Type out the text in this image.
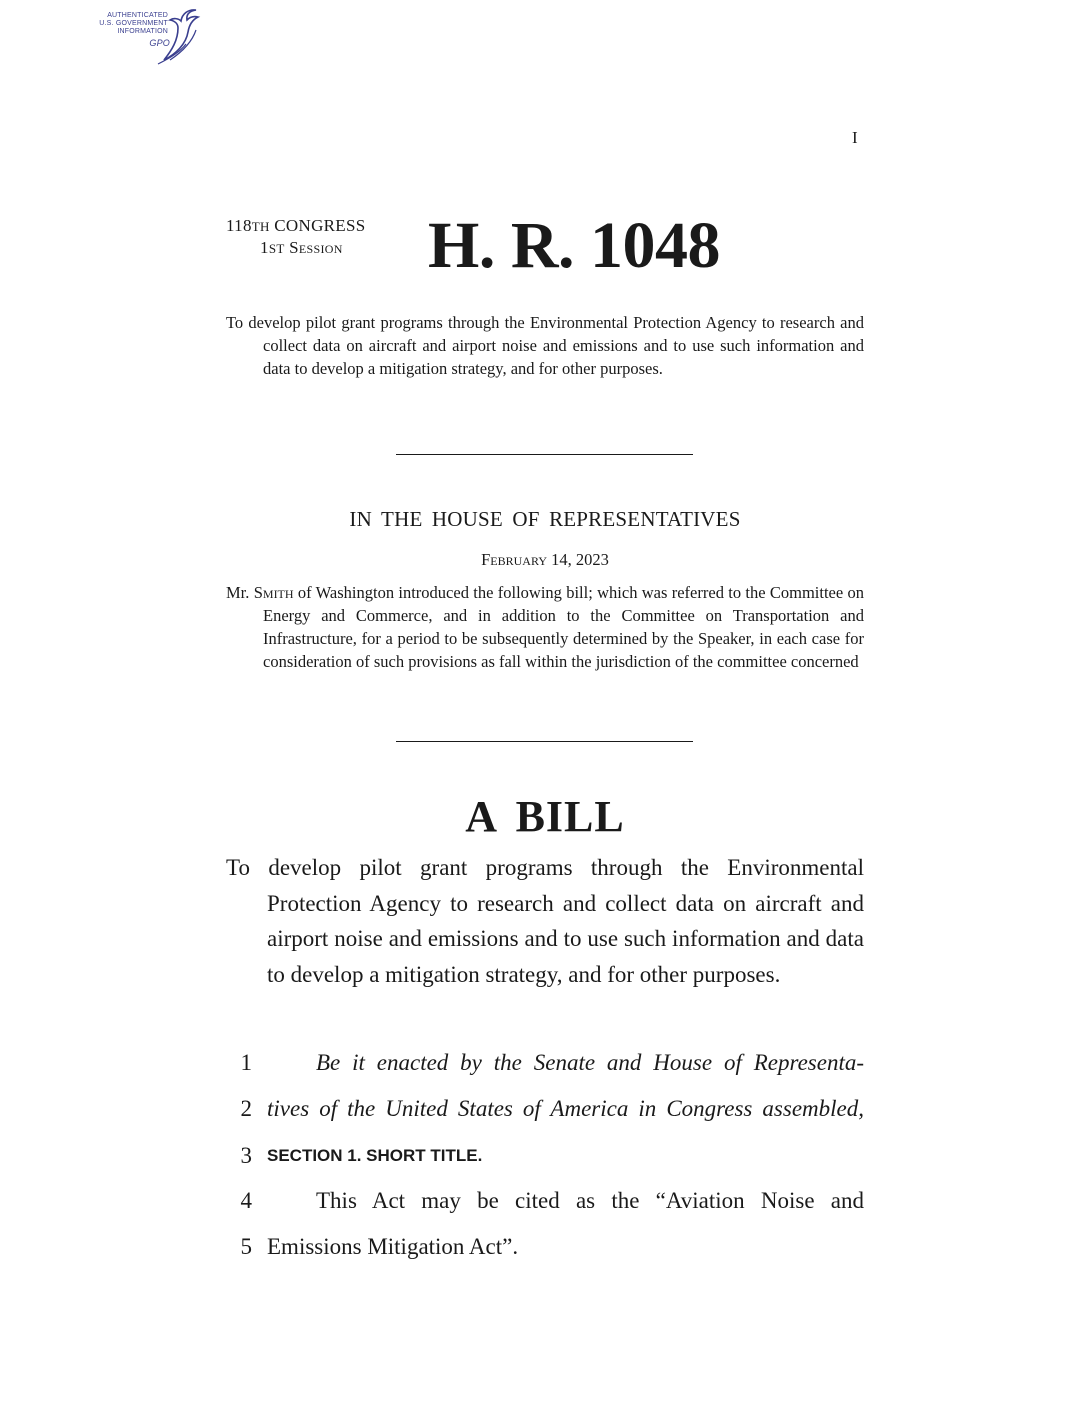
AUTHENTICATED
U.S. GOVERNMENT
INFORMATION
GPO
I
118TH CONGRESS
1ST Session H. R. 1048
To develop pilot grant programs through the Environmental Protection Agency to research and collect data on aircraft and airport noise and emissions and to use such information and data to develop a mitigation strategy, and for other purposes.
IN THE HOUSE OF REPRESENTATIVES
February 14, 2023
Mr. Smith of Washington introduced the following bill; which was referred to the Committee on Energy and Commerce, and in addition to the Committee on Transportation and Infrastructure, for a period to be subsequently determined by the Speaker, in each case for consideration of such provisions as fall within the jurisdiction of the committee concerned
A BILL
To develop pilot grant programs through the Environmental Protection Agency to research and collect data on aircraft and airport noise and emissions and to use such information and data to develop a mitigation strategy, and for other purposes.
1	Be it enacted by the Senate and House of Representa-
2 tives of the United States of America in Congress assembled,
3 SECTION 1. SHORT TITLE.
4	This Act may be cited as the “Aviation Noise and
5 Emissions Mitigation Act”.
